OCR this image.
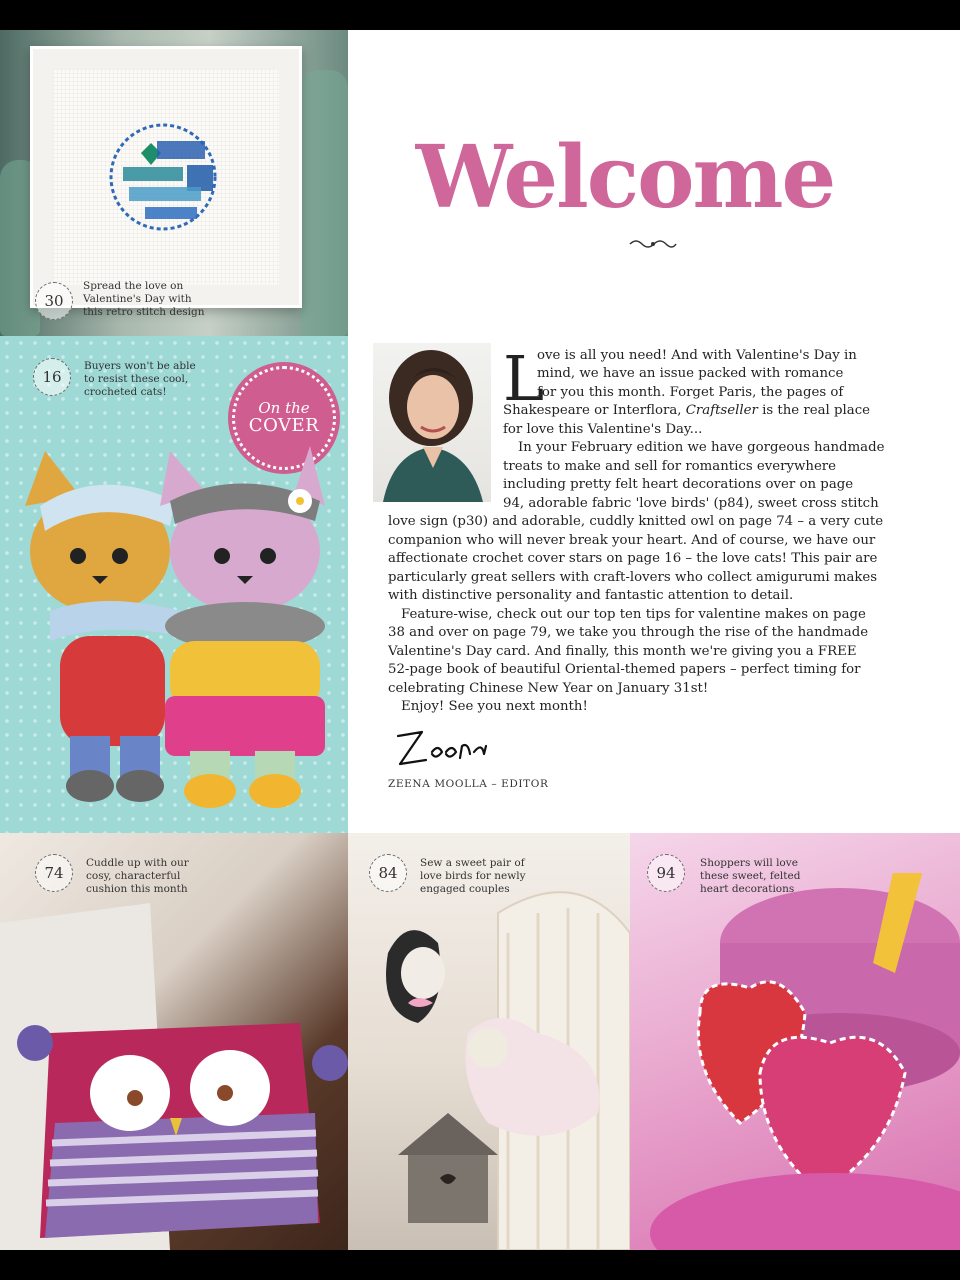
30
Spread the love on
Valentine's Day with
this retro stitch design
16
Buyers won't be able
to resist these cool,
crocheted cats!
On the
COVER
74
Cuddle up with our
cosy, characterful
cushion this month
84
Sew a sweet pair of
love birds for newly
engaged couples
94
Shoppers will love
these sweet, felted
heart decorations
Welcome
L
ove is all you need! And with Valentine's Day in
mind, we have an issue packed with romance
for you this month. Forget Paris, the pages of
Shakespeare or Interflora, Craftseller is the real place
for love this Valentine's Day...
In your February edition we have gorgeous handmade
treats to make and sell for romantics everywhere
including pretty felt heart decorations over on page
94, adorable fabric 'love birds' (p84), sweet cross stitch
love sign (p30) and adorable, cuddly knitted owl on page 74 – a very cute
companion who will never break your heart. And of course, we have our
affectionate crochet cover stars on page 16 – the love cats! This pair are
particularly great sellers with craft-lovers who collect amigurumi makes
with distinctive personality and fantastic attention to detail.
Feature-wise, check out our top ten tips for valentine makes on page
38 and over on page 79, we take you through the rise of the handmade
Valentine's Day card. And finally, this month we're giving you a FREE
52-page book of beautiful Oriental-themed papers – perfect timing for
celebrating Chinese New Year on January 31st!
Enjoy! See you next month!
ZEENA MOOLLA – EDITOR
